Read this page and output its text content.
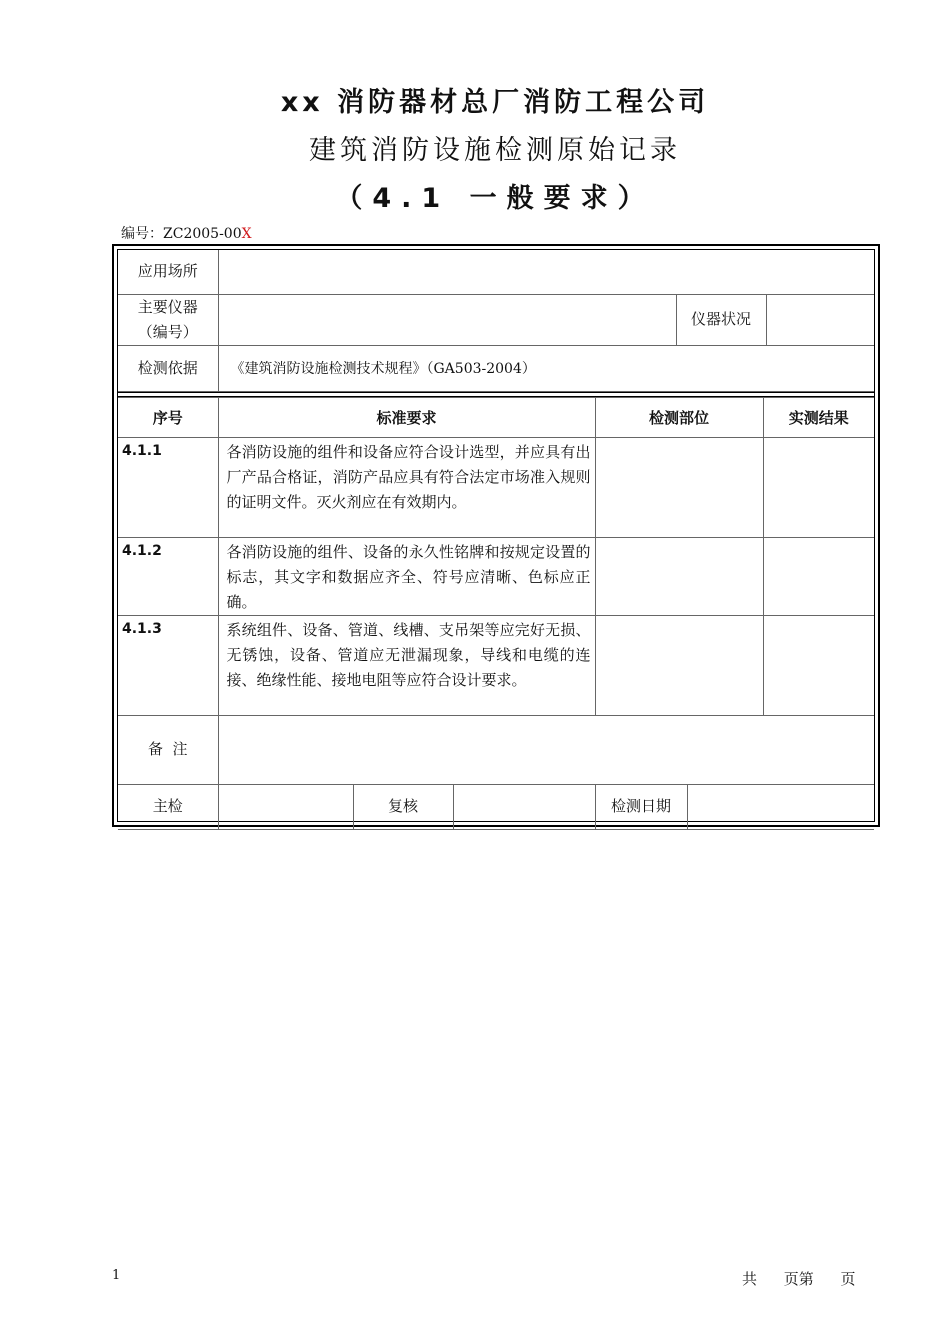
xx 消防器材总厂消防工程公司
建筑消防设施检测原始记录
（4.1 一般要求）
编号：ZC2005-00X
应用场所			
主要仪器
（编号）		仪器状况	
检测依据	《建筑消防设施检测技术规程》（GA503-2004）		
序号	标准要求	检测部位	实测结果
4.1.1	各消防设施的组件和设备应符合设计选型，并应具有出厂产品合格证，消防产品应具有符合法定市场准入规则的证明文件。灭火剂应在有效期内。		
4.1.2	各消防设施的组件、设备的永久性铭牌和按规定设置的标志，其文字和数据应齐全、符号应清晰、色标应正确。		
4.1.3	系统组件、设备、管道、线槽、支吊架等应完好无损、无锈蚀，设备、管道应无泄漏现象，导线和电缆的连接、绝缘性能、接地电阻等应符合设计要求。		
备  注	
主检		复核		检测日期	
1	共 页第 页
